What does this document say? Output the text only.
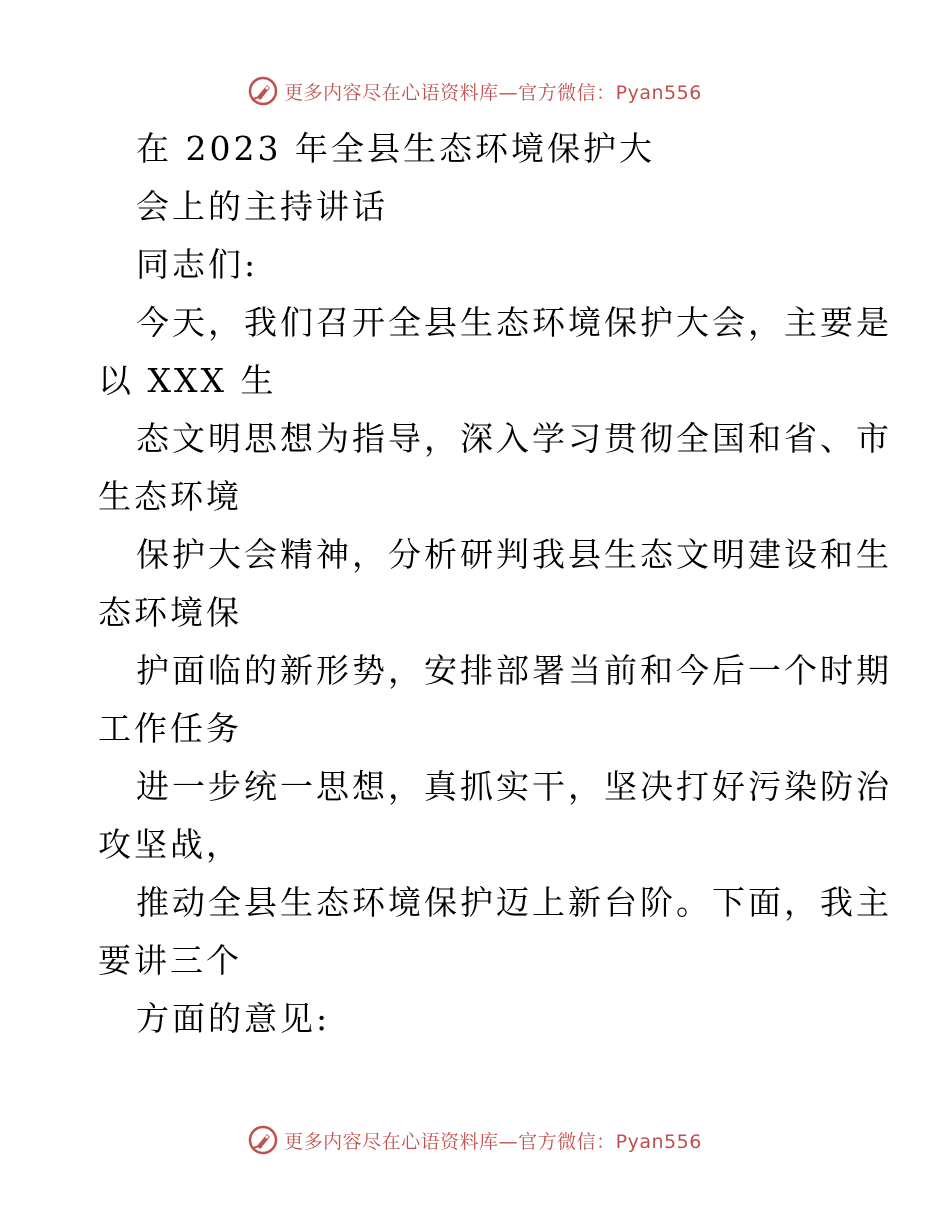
更多内容尽在心语资料库 —官方微信：Pyan556
在 2023 年全县生态环境保护大
会上的主持讲话
同志们:
今天，我们召开全县生态环境保护大会，主要是
以 XXX 生
态文明思想为指导，深入学习贯彻全国和省、市
生态环境
保护大会精神，分析研判我县生态文明建设和生
态环境保
护面临的新形势，安排部署当前和今后一个时期
工作任务
进一步统一思想，真抓实干，坚决打好污染防治
攻坚战，
推动全县生态环境保护迈上新台阶。下面，我主
要讲三个
方面的意见:
更多内容尽在心语资料库 —官方微信：Pyan556
